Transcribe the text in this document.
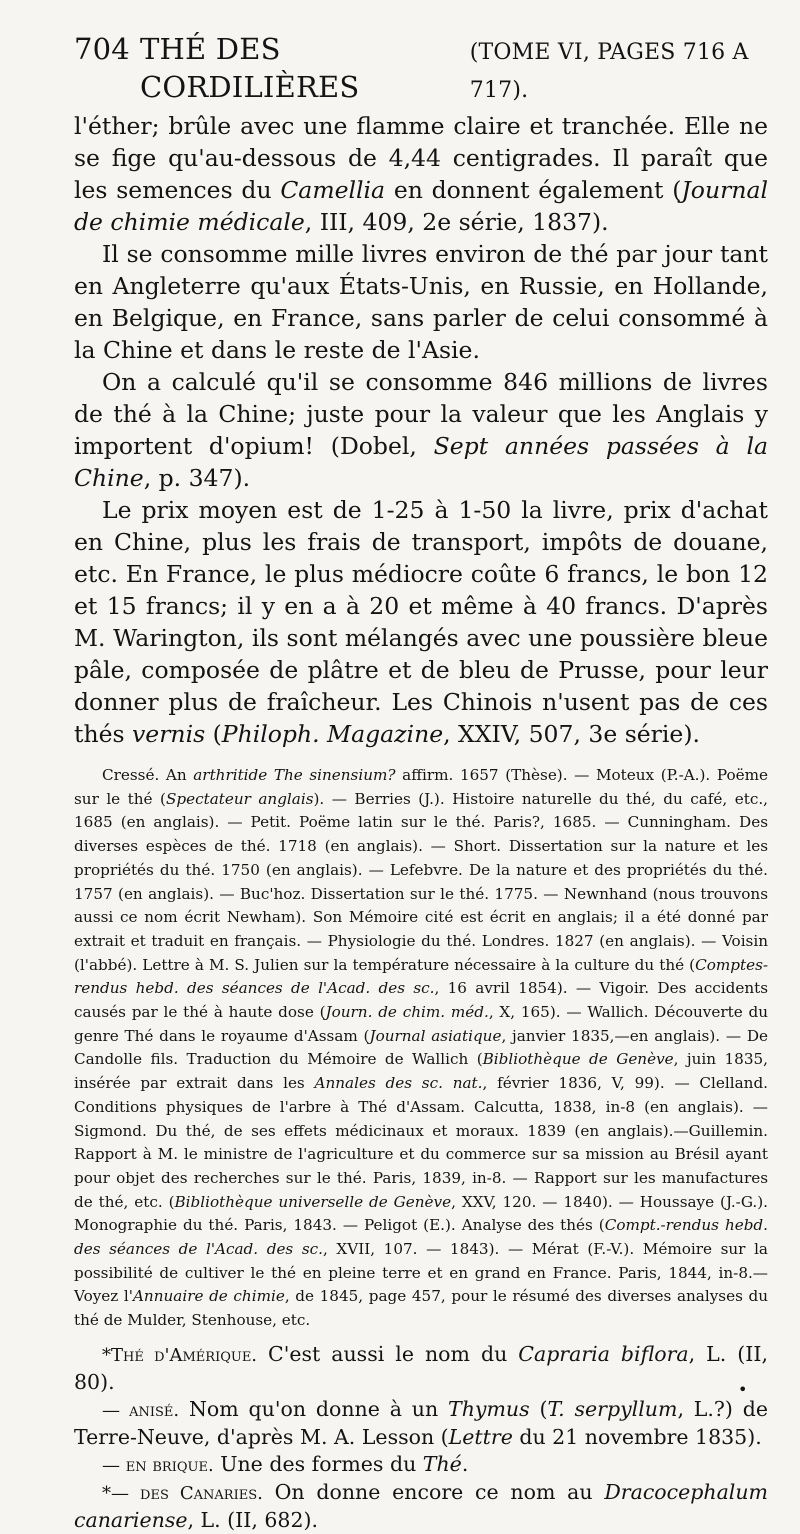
704 THÉ DES CORDILIÈRES
(TOME VI, PAGES 716 A 717).

l'éther; brûle avec une flamme claire et tranchée. Elle ne se fige qu'au-dessous de 4,44 centigrades. Il paraît que les semences du Camellia en donnent également (Journal de chimie médicale, III, 409, 2e série, 1837).

Il se consomme mille livres environ de thé par jour tant en Angleterre qu'aux États-Unis, en Russie, en Hollande, en Belgique, en France, sans parler de celui consommé à la Chine et dans le reste de l'Asie.

On a calculé qu'il se consomme 846 millions de livres de thé à la Chine; juste pour la valeur que les Anglais y importent d'opium! (Dobel, Sept années passées à la Chine, p. 347).

Le prix moyen est de 1-25 à 1-50 la livre, prix d'achat en Chine, plus les frais de transport, impôts de douane, etc. En France, le plus médiocre coûte 6 francs, le bon 12 et 15 francs; il y en a à 20 et même à 40 francs. D'après M. Warington, ils sont mélangés avec une poussière bleue pâle, composée de plâtre et de bleu de Prusse, pour leur donner plus de fraîcheur. Les Chinois n'usent pas de ces thés vernis (Philoph. Magazine, XXIV, 507, 3e série).

Cressé. An arthritide The sinensium? affirm. 1657 (Thèse). — Moteux (P.-A.). Poëme sur le thé (Spectateur anglais). — Berries (J.). Histoire naturelle du thé, du café, etc., 1685 (en anglais). — Petit. Poëme latin sur le thé. Paris?, 1685. — Cunningham. Des diverses espèces de thé. 1718 (en anglais). — Short. Dissertation sur la nature et les propriétés du thé. 1750 (en anglais). — Lefebvre. De la nature et des propriétés du thé. 1757 (en anglais). — Buc'hoz. Dissertation sur le thé. 1775. — Newnhand (nous trouvons aussi ce nom écrit Newham). Son Mémoire cité est écrit en anglais; il a été donné par extrait et traduit en français. — Physiologie du thé. Londres. 1827 (en anglais). — Voisin (l'abbé). Lettre à M. S. Julien sur la température nécessaire à la culture du thé (Comptes-rendus hebd. des séances de l'Acad. des sc., 16 avril 1854). — Vigoir. Des accidents causés par le thé à haute dose (Journ. de chim. méd., X, 165). — Wallich. Découverte du genre Thé dans le royaume d'Assam (Journal asiatique, janvier 1835,—en anglais). — De Candolle fils. Traduction du Mémoire de Wallich (Bibliothèque de Genève, juin 1835, insérée par extrait dans les Annales des sc. nat., février 1836, V, 99). — Clelland. Conditions physiques de l'arbre à Thé d'Assam. Calcutta, 1838, in-8 (en anglais). — Sigmond. Du thé, de ses effets médicinaux et moraux. 1839 (en anglais).—Guillemin. Rapport à M. le ministre de l'agriculture et du commerce sur sa mission au Brésil ayant pour objet des recherches sur le thé. Paris, 1839, in-8. — Rapport sur les manufactures de thé, etc. (Bibliothèque universelle de Genève, XXV, 120. — 1840). — Houssaye (J.-G.). Monographie du thé. Paris, 1843. — Peligot (E.). Analyse des thés (Compt.-rendus hebd. des séances de l'Acad. des sc., XVII, 107. — 1843). — Mérat (F.-V.). Mémoire sur la possibilité de cultiver le thé en pleine terre et en grand en France. Paris, 1844, in-8.—Voyez l'Annuaire de chimie, de 1845, page 457, pour le résumé des diverses analyses du thé de Mulder, Stenhouse, etc.

*Thé d'Amérique. C'est aussi le nom du Capraria biflora, L. (II, 80).

— anisé. Nom qu'on donne à un Thymus (T. serpyllum, L.?) de Terre-Neuve, d'après M. A. Lesson (Lettre du 21 novembre 1835).

— en brique. Une des formes du Thé.

*— des Canaries. On donne encore ce nom au Dracocephalum canariense, L. (II, 682).

•
